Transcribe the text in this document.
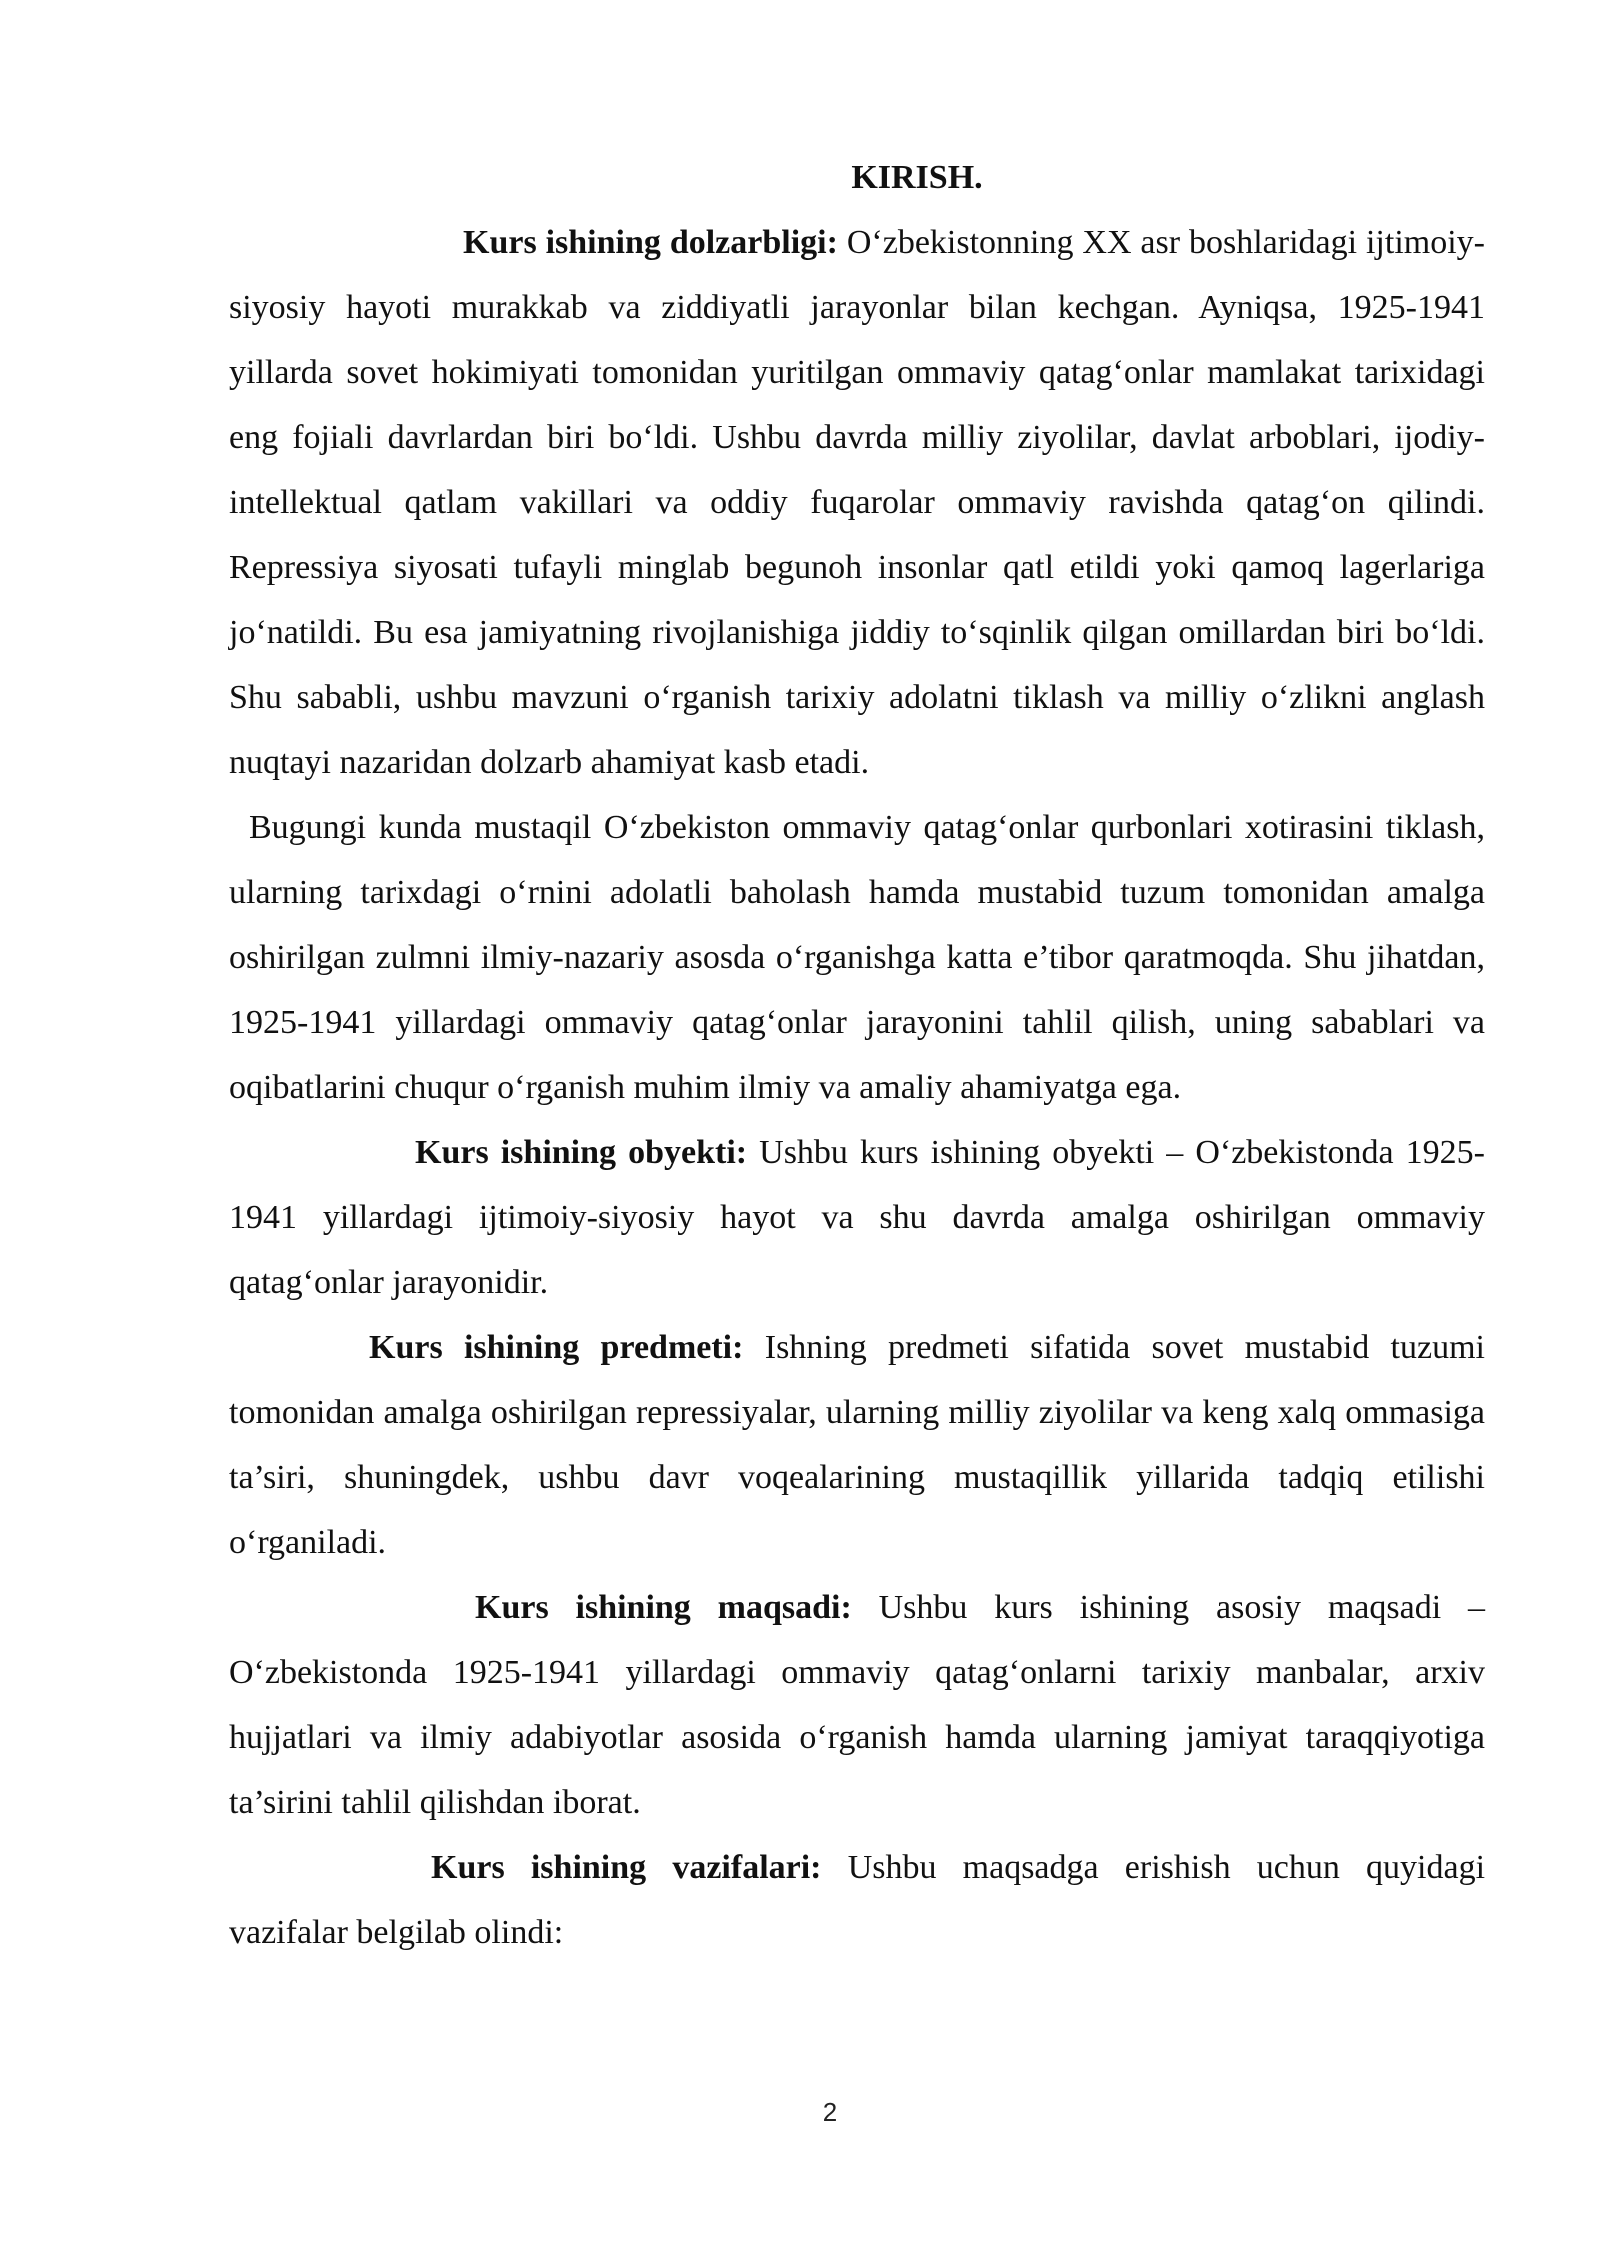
KIRISH.

Kurs ishining dolzarbligi: O‘zbekistonning XX asr boshlaridagi ijtimoiy-siyosiy hayoti murakkab va ziddiyatli jarayonlar bilan kechgan. Ayniqsa, 1925-1941 yillarda sovet hokimiyati tomonidan yuritilgan ommaviy qatag‘onlar mamlakat tarixidagi eng fojiali davrlardan biri bo‘ldi. Ushbu davrda milliy ziyolilar, davlat arboblari, ijodiy-intellektual qatlam vakillari va oddiy fuqarolar ommaviy ravishda qatag‘on qilindi. Repressiya siyosati tufayli minglab begunoh insonlar qatl etildi yoki qamoq lagerlariga jo‘natildi. Bu esa jamiyatning rivojlanishiga jiddiy to‘sqinlik qilgan omillardan biri bo‘ldi. Shu sababli, ushbu mavzuni o‘rganish tarixiy adolatni tiklash va milliy o‘zlikni anglash nuqtayi nazaridan dolzarb ahamiyat kasb etadi.

Bugungi kunda mustaqil O‘zbekiston ommaviy qatag‘onlar qurbonlari xotirasini tiklash, ularning tarixdagi o‘rnini adolatli baholash hamda mustabid tuzum tomonidan amalga oshirilgan zulmni ilmiy-nazariy asosda o‘rganishga katta e’tibor qaratmoqda. Shu jihatdan, 1925-1941 yillardagi ommaviy qatag‘onlar jarayonini tahlil qilish, uning sabablari va oqibatlarini chuqur o‘rganish muhim ilmiy va amaliy ahamiyatga ega.

Kurs ishining obyekti: Ushbu kurs ishining obyekti – O‘zbekistonda 1925-1941 yillardagi ijtimoiy-siyosiy hayot va shu davrda amalga oshirilgan ommaviy qatag‘onlar jarayonidir.

Kurs ishining predmeti: Ishning predmeti sifatida sovet mustabid tuzumi tomonidan amalga oshirilgan repressiyalar, ularning milliy ziyolilar va keng xalq ommasiga ta’siri, shuningdek, ushbu davr voqealarining mustaqillik yillarida tadqiq etilishi o‘rganiladi.

Kurs ishining maqsadi: Ushbu kurs ishining asosiy maqsadi – O‘zbekistonda 1925-1941 yillardagi ommaviy qatag‘onlarni tarixiy manbalar, arxiv hujjatlari va ilmiy adabiyotlar asosida o‘rganish hamda ularning jamiyat taraqqiyotiga ta’sirini tahlil qilishdan iborat.

Kurs ishining vazifalari: Ushbu maqsadga erishish uchun quyidagi vazifalar belgilab olindi:

2
